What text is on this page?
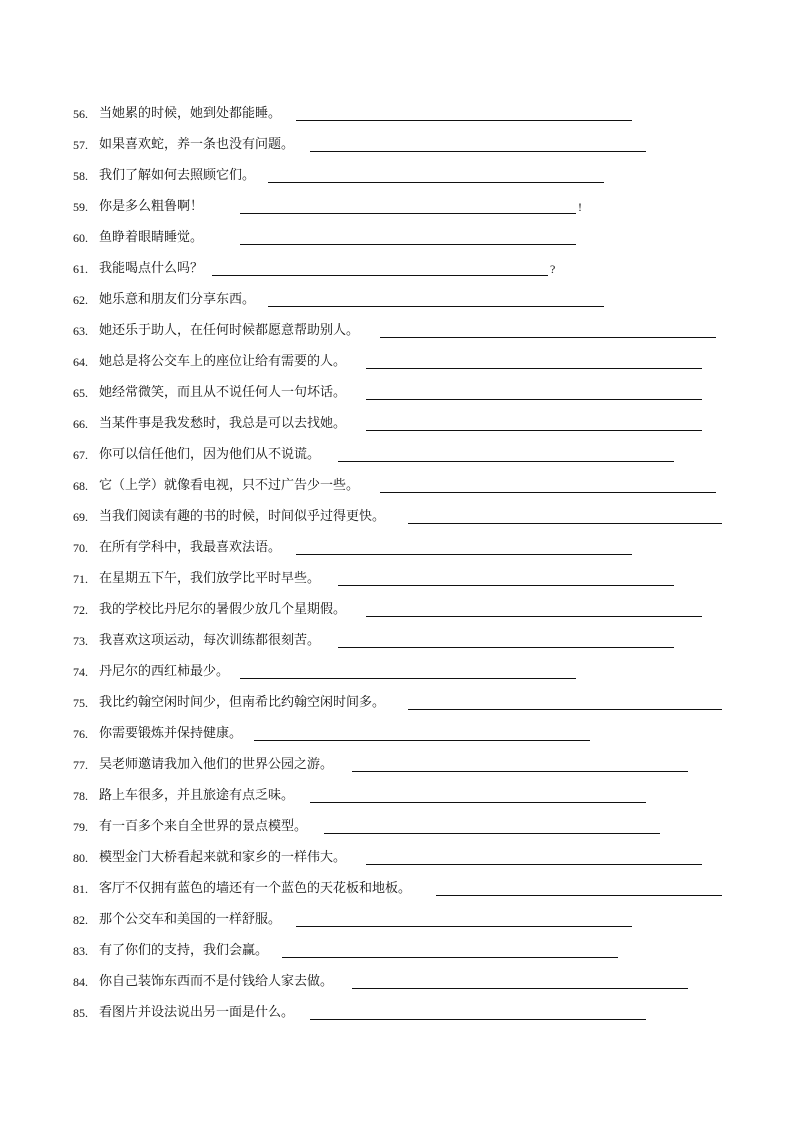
56. 当她累的时候，她到处都能睡。
57. 如果喜欢蛇，养一条也没有问题。
58. 我们了解如何去照顾它们。
59. 你是多么粗鲁啊！	!
60. 鱼睁着眼睛睡觉。
61. 我能喝点什么吗？	?
62. 她乐意和朋友们分享东西。
63. 她还乐于助人，在任何时候都愿意帮助别人。
64. 她总是将公交车上的座位让给有需要的人。
65. 她经常微笑，而且从不说任何人一句坏话。
66. 当某件事是我发愁时，我总是可以去找她。
67. 你可以信任他们，因为他们从不说谎。
68. 它（上学）就像看电视，只不过广告少一些。
69. 当我们阅读有趣的书的时候，时间似乎过得更快。
70. 在所有学科中，我最喜欢法语。
71. 在星期五下午，我们放学比平时早些。
72. 我的学校比丹尼尔的暑假少放几个星期假。
73. 我喜欢这项运动，每次训练都很刻苦。
74. 丹尼尔的西红柿最少。
75. 我比约翰空闲时间少，但南希比约翰空闲时间多。
76. 你需要锻炼并保持健康。
77. 吴老师邀请我加入他们的世界公园之游。
78. 路上车很多，并且旅途有点乏味。
79. 有一百多个来自全世界的景点模型。
80. 模型金门大桥看起来就和家乡的一样伟大。
81. 客厅不仅拥有蓝色的墙还有一个蓝色的天花板和地板。
82. 那个公交车和美国的一样舒服。
83. 有了你们的支持，我们会赢。
84. 你自己装饰东西而不是付钱给人家去做。
85. 看图片并设法说出另一面是什么。
